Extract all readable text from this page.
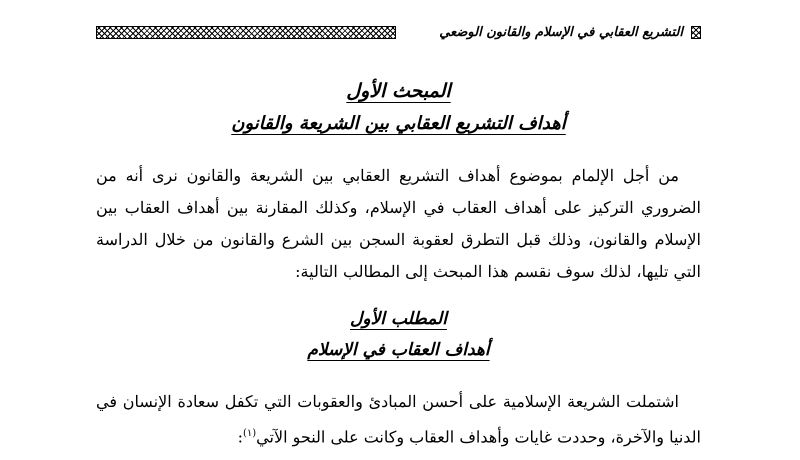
التشريع العقابي في الإسلام والقانون الوضعي
المبحث الأول
أهداف التشريع العقابي بين الشريعة والقانون
من أجل الإلمام بموضوع أهداف التشريع العقابي بين الشريعة والقانون نرى أنه من الضروري التركيز على أهداف العقاب في الإسلام، وكذلك المقارنة بين أهداف العقاب بين الإسلام والقانون، وذلك قبل التطرق لعقوبة السجن بين الشرع والقانون من خلال الدراسة التي تليها، لذلك سوف نقسم هذا المبحث إلى المطالب التالية:
المطلب الأول
أهداف العقاب في الإسلام
اشتملت الشريعة الإسلامية على أحسن المبادئ والعقوبات التي تكفل سعادة الإنسان في الدنيا والآخرة، وحددت غايات وأهداف العقاب وكانت على النحو الآتي$^{(١)}$:
